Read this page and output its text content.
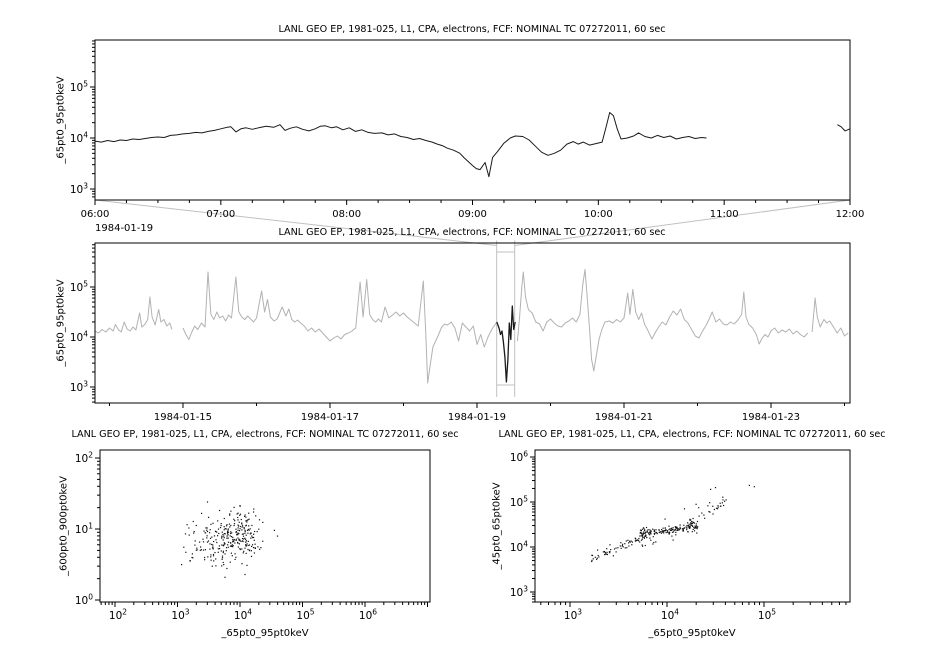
06:00	07:00	08:00	09:00	10:00	11:00	12:00
$10^3$
$10^4$
$10^5$
1984-01-15	1984-01-17	1984-01-19	1984-01-21	1984-01-23
$10^3$
$10^4$
$10^5$
$10^2$	$10^3$	$10^4$	$10^5$	$10^6$
$10^0$
$10^1$
$10^2$
$10^3$	$10^4$	$10^5$
$10^3$
$10^4$
$10^5$
$10^6$
LANL GEO EP, 1981-025, L1, CPA, electrons, FCF: NOMINAL TC 07272011, 60 sec
LANL GEO EP, 1981-025, L1, CPA, electrons, FCF: NOMINAL TC 07272011, 60 sec
LANL GEO EP, 1981-025, L1, CPA, electrons, FCF: NOMINAL TC 07272011, 60 sec	LANL GEO EP, 1981-025, L1, CPA, electrons, FCF: NOMINAL TC 07272011, 60 sec
_65pt0_95pt0keV
_65pt0_95pt0keV
_600pt0_900pt0keV	_45pt0_65pt0keV
_65pt0_95pt0keV	_65pt0_95pt0keV
1984-01-19
